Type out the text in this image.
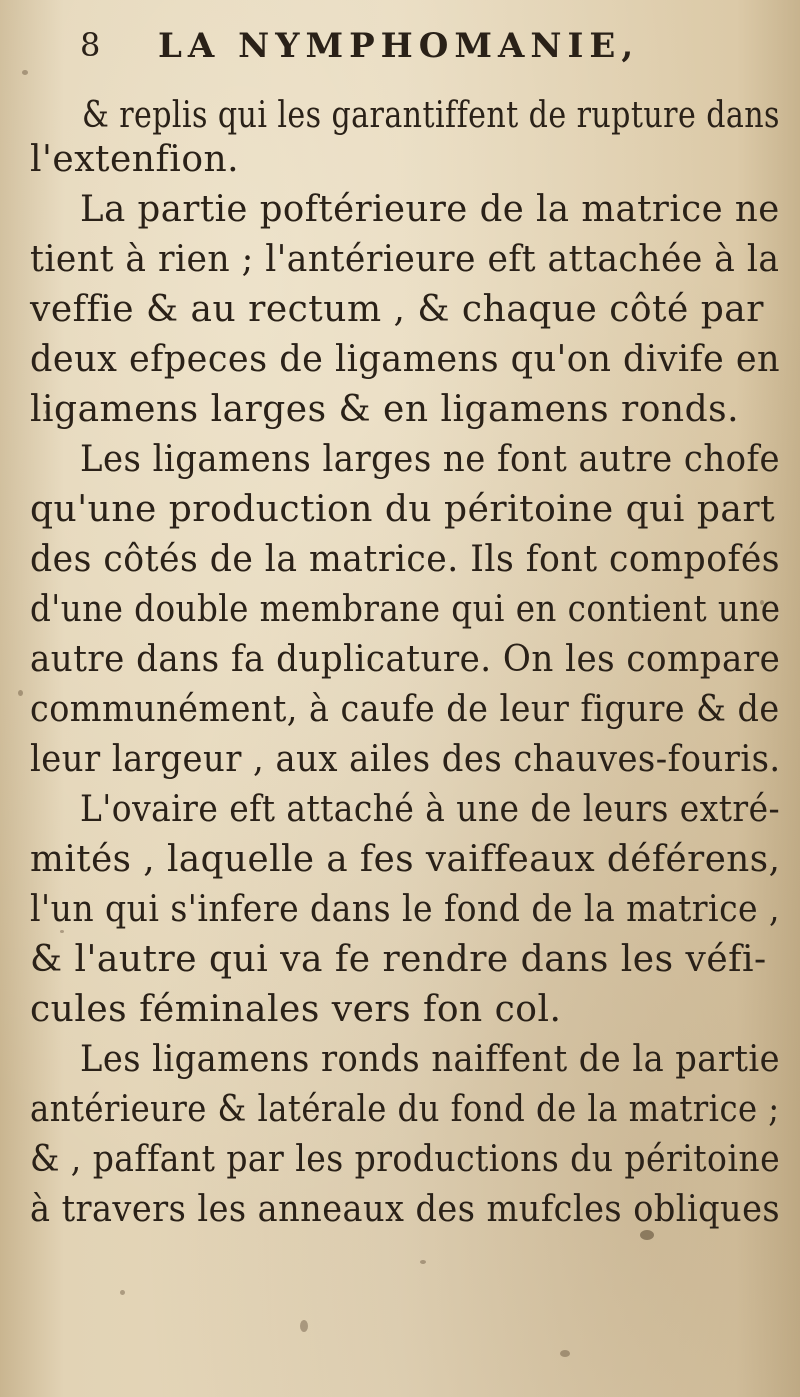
8 LA NYMPHOMANIE,
& replis qui les garantiffent de rupture dans
l'extenfion.
La partie poftérieure de la matrice ne
tient à rien ; l'antérieure eft attachée à la
veffie & au rectum , & chaque côté par
deux efpeces de ligamens qu'on divife en
ligamens larges & en ligamens ronds.
Les ligamens larges ne font autre chofe
qu'une production du péritoine qui part
des côtés de la matrice. Ils font compofés
d'une double membrane qui en contient une
autre dans fa duplicature. On les compare
communément, à caufe de leur figure & de
leur largeur , aux ailes des chauves-fouris.
L'ovaire eft attaché à une de leurs extré-
mités , laquelle a fes vaiffeaux déférens,
l'un qui s'infere dans le fond de la matrice ,
& l'autre qui va fe rendre dans les véfi-
cules féminales vers fon col.
Les ligamens ronds naiffent de la partie
antérieure & latérale du fond de la matrice ;
& , paffant par les productions du péritoine
à travers les anneaux des mufcles obliques
